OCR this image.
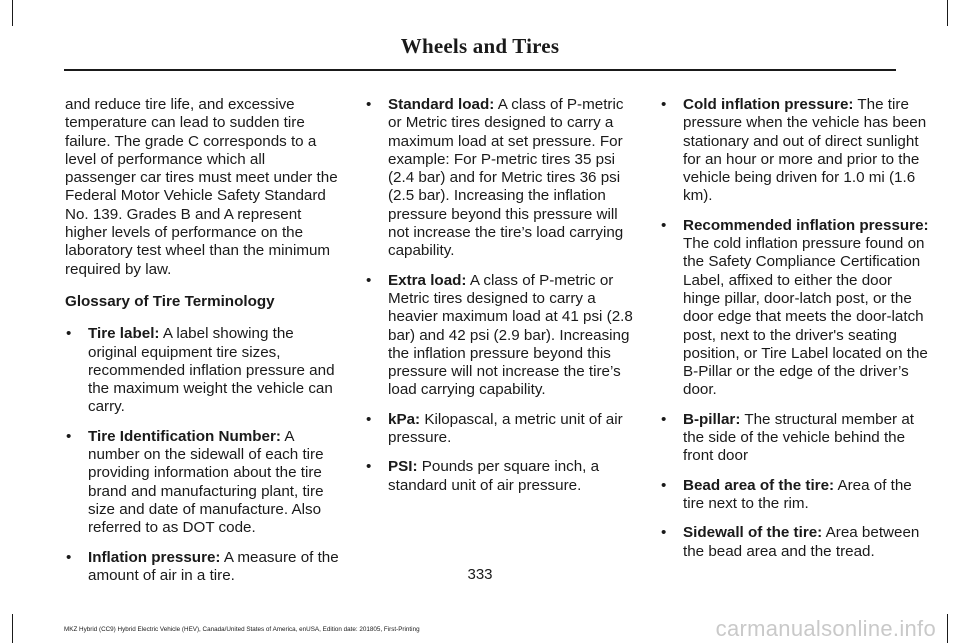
Wheels and Tires

and reduce tire life, and excessive temperature can lead to sudden tire failure. The grade C corresponds to a level of performance which all passenger car tires must meet under the Federal Motor Vehicle Safety Standard No. 139. Grades B and A represent higher levels of performance on the laboratory test wheel than the minimum required by law.

Glossary of Tire Terminology

• Tire label: A label showing the original equipment tire sizes, recommended inflation pressure and the maximum weight the vehicle can carry.
• Tire Identification Number: A number on the sidewall of each tire providing information about the tire brand and manufacturing plant, tire size and date of manufacture. Also referred to as DOT code.
• Inflation pressure: A measure of the amount of air in a tire.
• Standard load: A class of P-metric or Metric tires designed to carry a maximum load at set pressure. For example: For P-metric tires 35 psi (2.4 bar) and for Metric tires 36 psi (2.5 bar). Increasing the inflation pressure beyond this pressure will not increase the tire’s load carrying capability.
• Extra load: A class of P-metric or Metric tires designed to carry a heavier maximum load at 41 psi (2.8 bar) and 42 psi (2.9 bar). Increasing the inflation pressure beyond this pressure will not increase the tire’s load carrying capability.
• kPa: Kilopascal, a metric unit of air pressure.
• PSI: Pounds per square inch, a standard unit of air pressure.
• Cold inflation pressure: The tire pressure when the vehicle has been stationary and out of direct sunlight for an hour or more and prior to the vehicle being driven for 1.0 mi (1.6 km).
• Recommended inflation pressure: The cold inflation pressure found on the Safety Compliance Certification Label, affixed to either the door hinge pillar, door-latch post, or the door edge that meets the door-latch post, next to the driver's seating position, or Tire Label located on the B-Pillar or the edge of the driver’s door.
• B-pillar: The structural member at the side of the vehicle behind the front door
• Bead area of the tire: Area of the tire next to the rim.
• Sidewall of the tire: Area between the bead area and the tread.
333
MKZ Hybrid (CC9) Hybrid Electric Vehicle (HEV), Canada/United States of America, enUSA, Edition date: 201805, First-Printing	carmanualsonline.info
